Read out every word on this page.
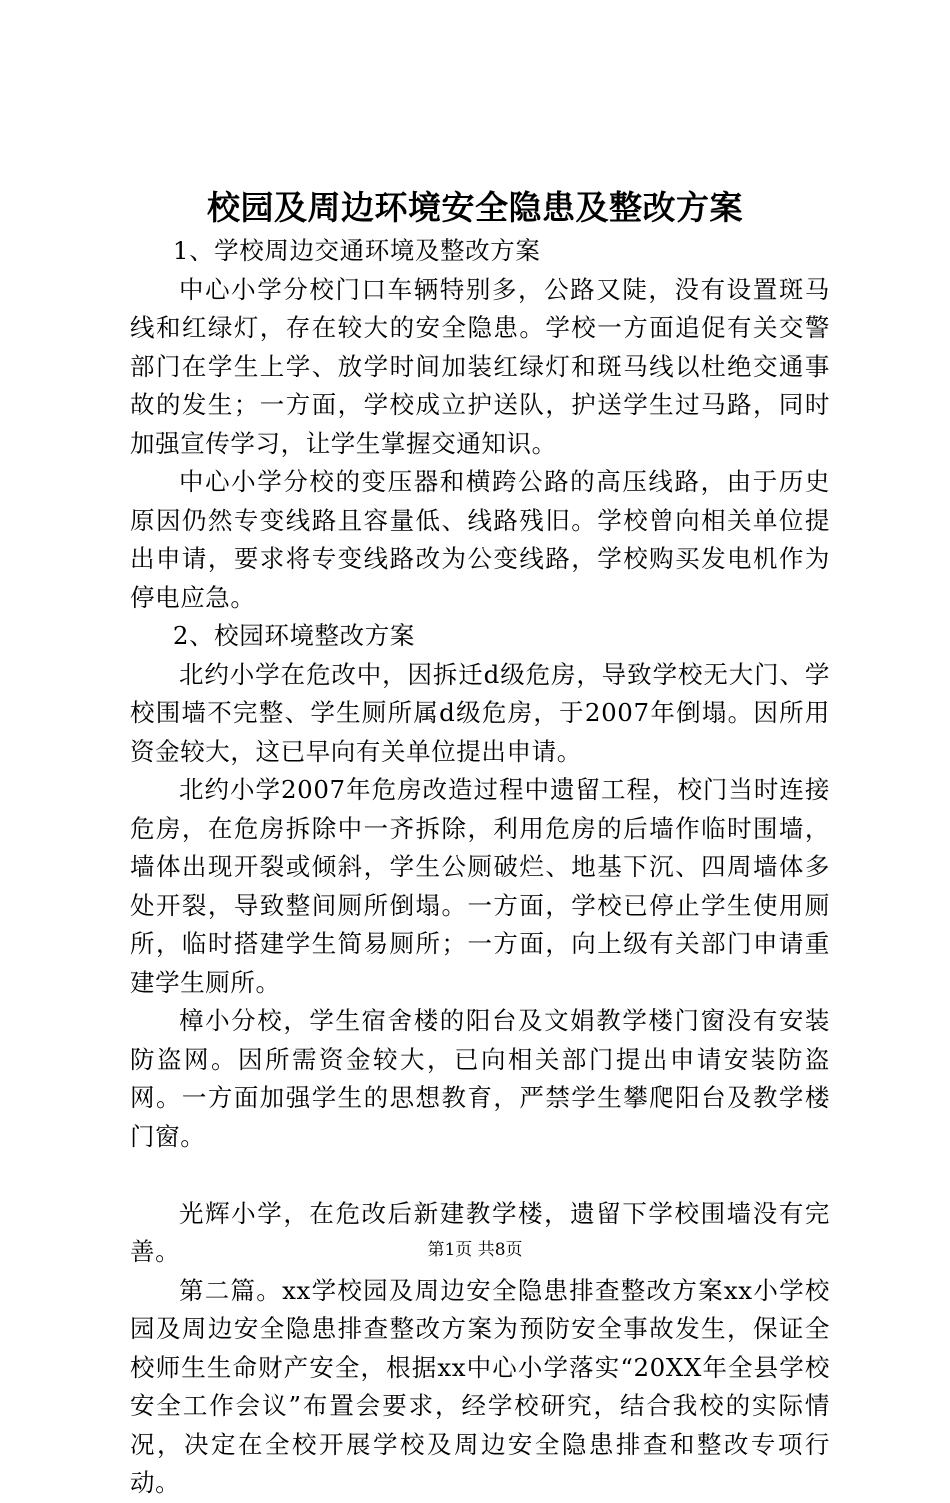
校园及周边环境安全隐患及整改方案

1、学校周边交通环境及整改方案

中心小学分校门口车辆特别多，公路又陡，没有设置斑马线和红绿灯，存在较大的安全隐患。学校一方面追促有关交警部门在学生上学、放学时间加装红绿灯和斑马线以杜绝交通事故的发生；一方面，学校成立护送队，护送学生过马路，同时加强宣传学习，让学生掌握交通知识。

中心小学分校的变压器和横跨公路的高压线路，由于历史原因仍然专变线路且容量低、线路残旧。学校曾向相关单位提出申请，要求将专变线路改为公变线路，学校购买发电机作为停电应急。

2、校园环境整改方案

北约小学在危改中，因拆迁d级危房，导致学校无大门、学校围墙不完整、学生厕所属d级危房，于2007年倒塌。因所用资金较大，这已早向有关单位提出申请。

北约小学2007年危房改造过程中遗留工程，校门当时连接危房，在危房拆除中一齐拆除，利用危房的后墙作临时围墙，墙体出现开裂或倾斜，学生公厕破烂、地基下沉、四周墙体多处开裂，导致整间厕所倒塌。一方面，学校已停止学生使用厕所，临时搭建学生简易厕所；一方面，向上级有关部门申请重建学生厕所。

樟小分校，学生宿舍楼的阳台及文娟教学楼门窗没有安装防盗网。因所需资金较大，已向相关部门提出申请安装防盗网。一方面加强学生的思想教育，严禁学生攀爬阳台及教学楼门窗。

光辉小学，在危改后新建教学楼，遗留下学校围墙没有完善。

第二篇。xx学校园及周边安全隐患排查整改方案xx小学校园及周边安全隐患排查整改方案为预防安全事故发生，保证全校师生生命财产安全，根据xx中心小学落实“20XX年全县学校安全工作会议”布置会要求，经学校研究，结合我校的实际情况，决定在全校开展学校及周边安全隐患排查和整改专项行动。

第1页 共8页
